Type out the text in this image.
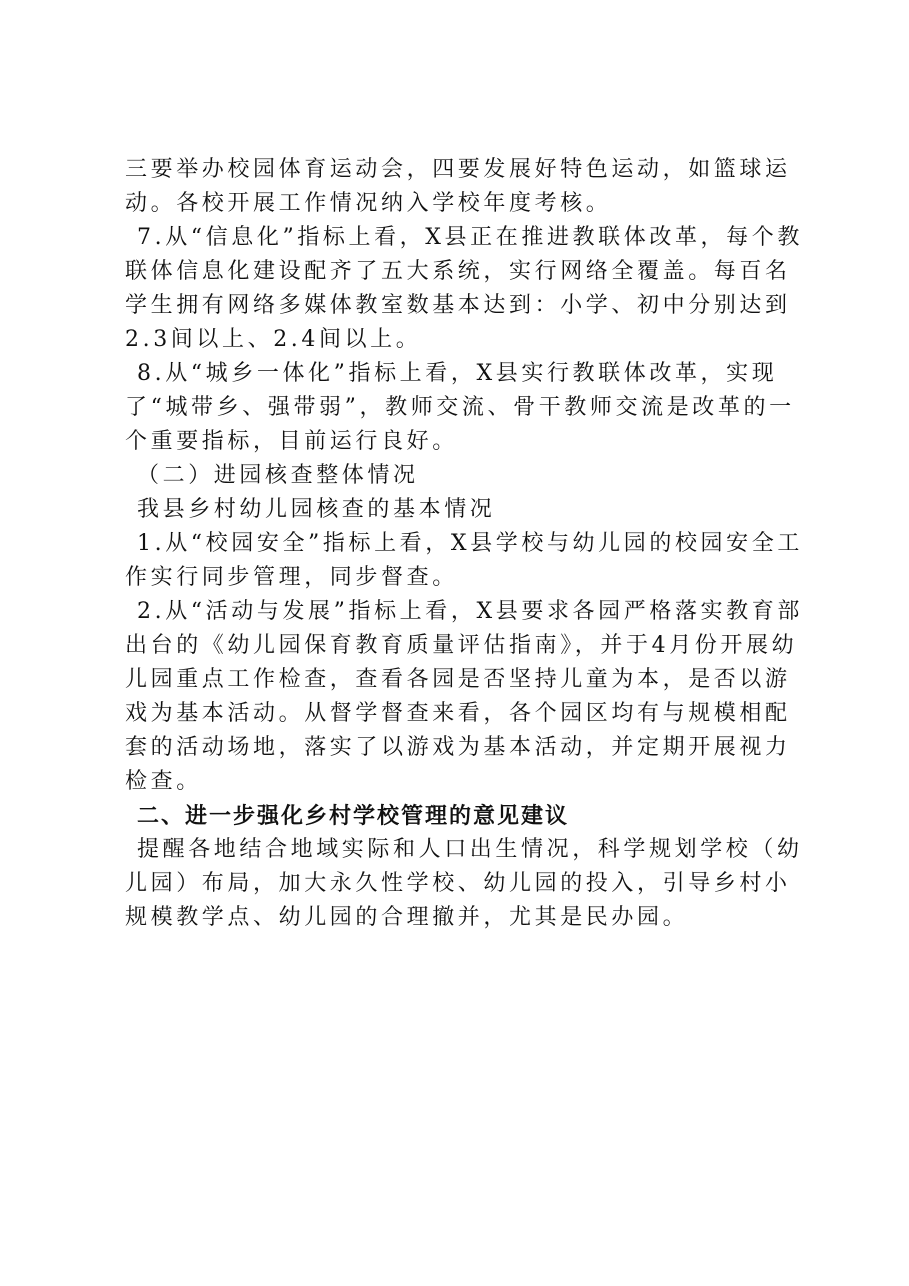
三要举办校园体育运动会，四要发展好特色运动，如篮球运动。各校开展工作情况纳入学校年度考核。

7.从“信息化”指标上看，X县正在推进教联体改革，每个教联体信息化建设配齐了五大系统，实行网络全覆盖。每百名学生拥有网络多媒体教室数基本达到：小学、初中分别达到2.3间以上、2.4间以上。

8.从“城乡一体化”指标上看，X县实行教联体改革，实现了“城带乡、强带弱”，教师交流、骨干教师交流是改革的一个重要指标，目前运行良好。

（二）进园核查整体情况

我县乡村幼儿园核查的基本情况

1.从“校园安全”指标上看，X县学校与幼儿园的校园安全工作实行同步管理，同步督查。

2.从“活动与发展”指标上看，X县要求各园严格落实教育部出台的《幼儿园保育教育质量评估指南》，并于4月份开展幼儿园重点工作检查，查看各园是否坚持儿童为本，是否以游戏为基本活动。从督学督查来看，各个园区均有与规模相配套的活动场地，落实了以游戏为基本活动，并定期开展视力检查。

二、进一步强化乡村学校管理的意见建议

提醒各地结合地域实际和人口出生情况，科学规划学校（幼儿园）布局，加大永久性学校、幼儿园的投入，引导乡村小规模教学点、幼儿园的合理撤并，尤其是民办园。
